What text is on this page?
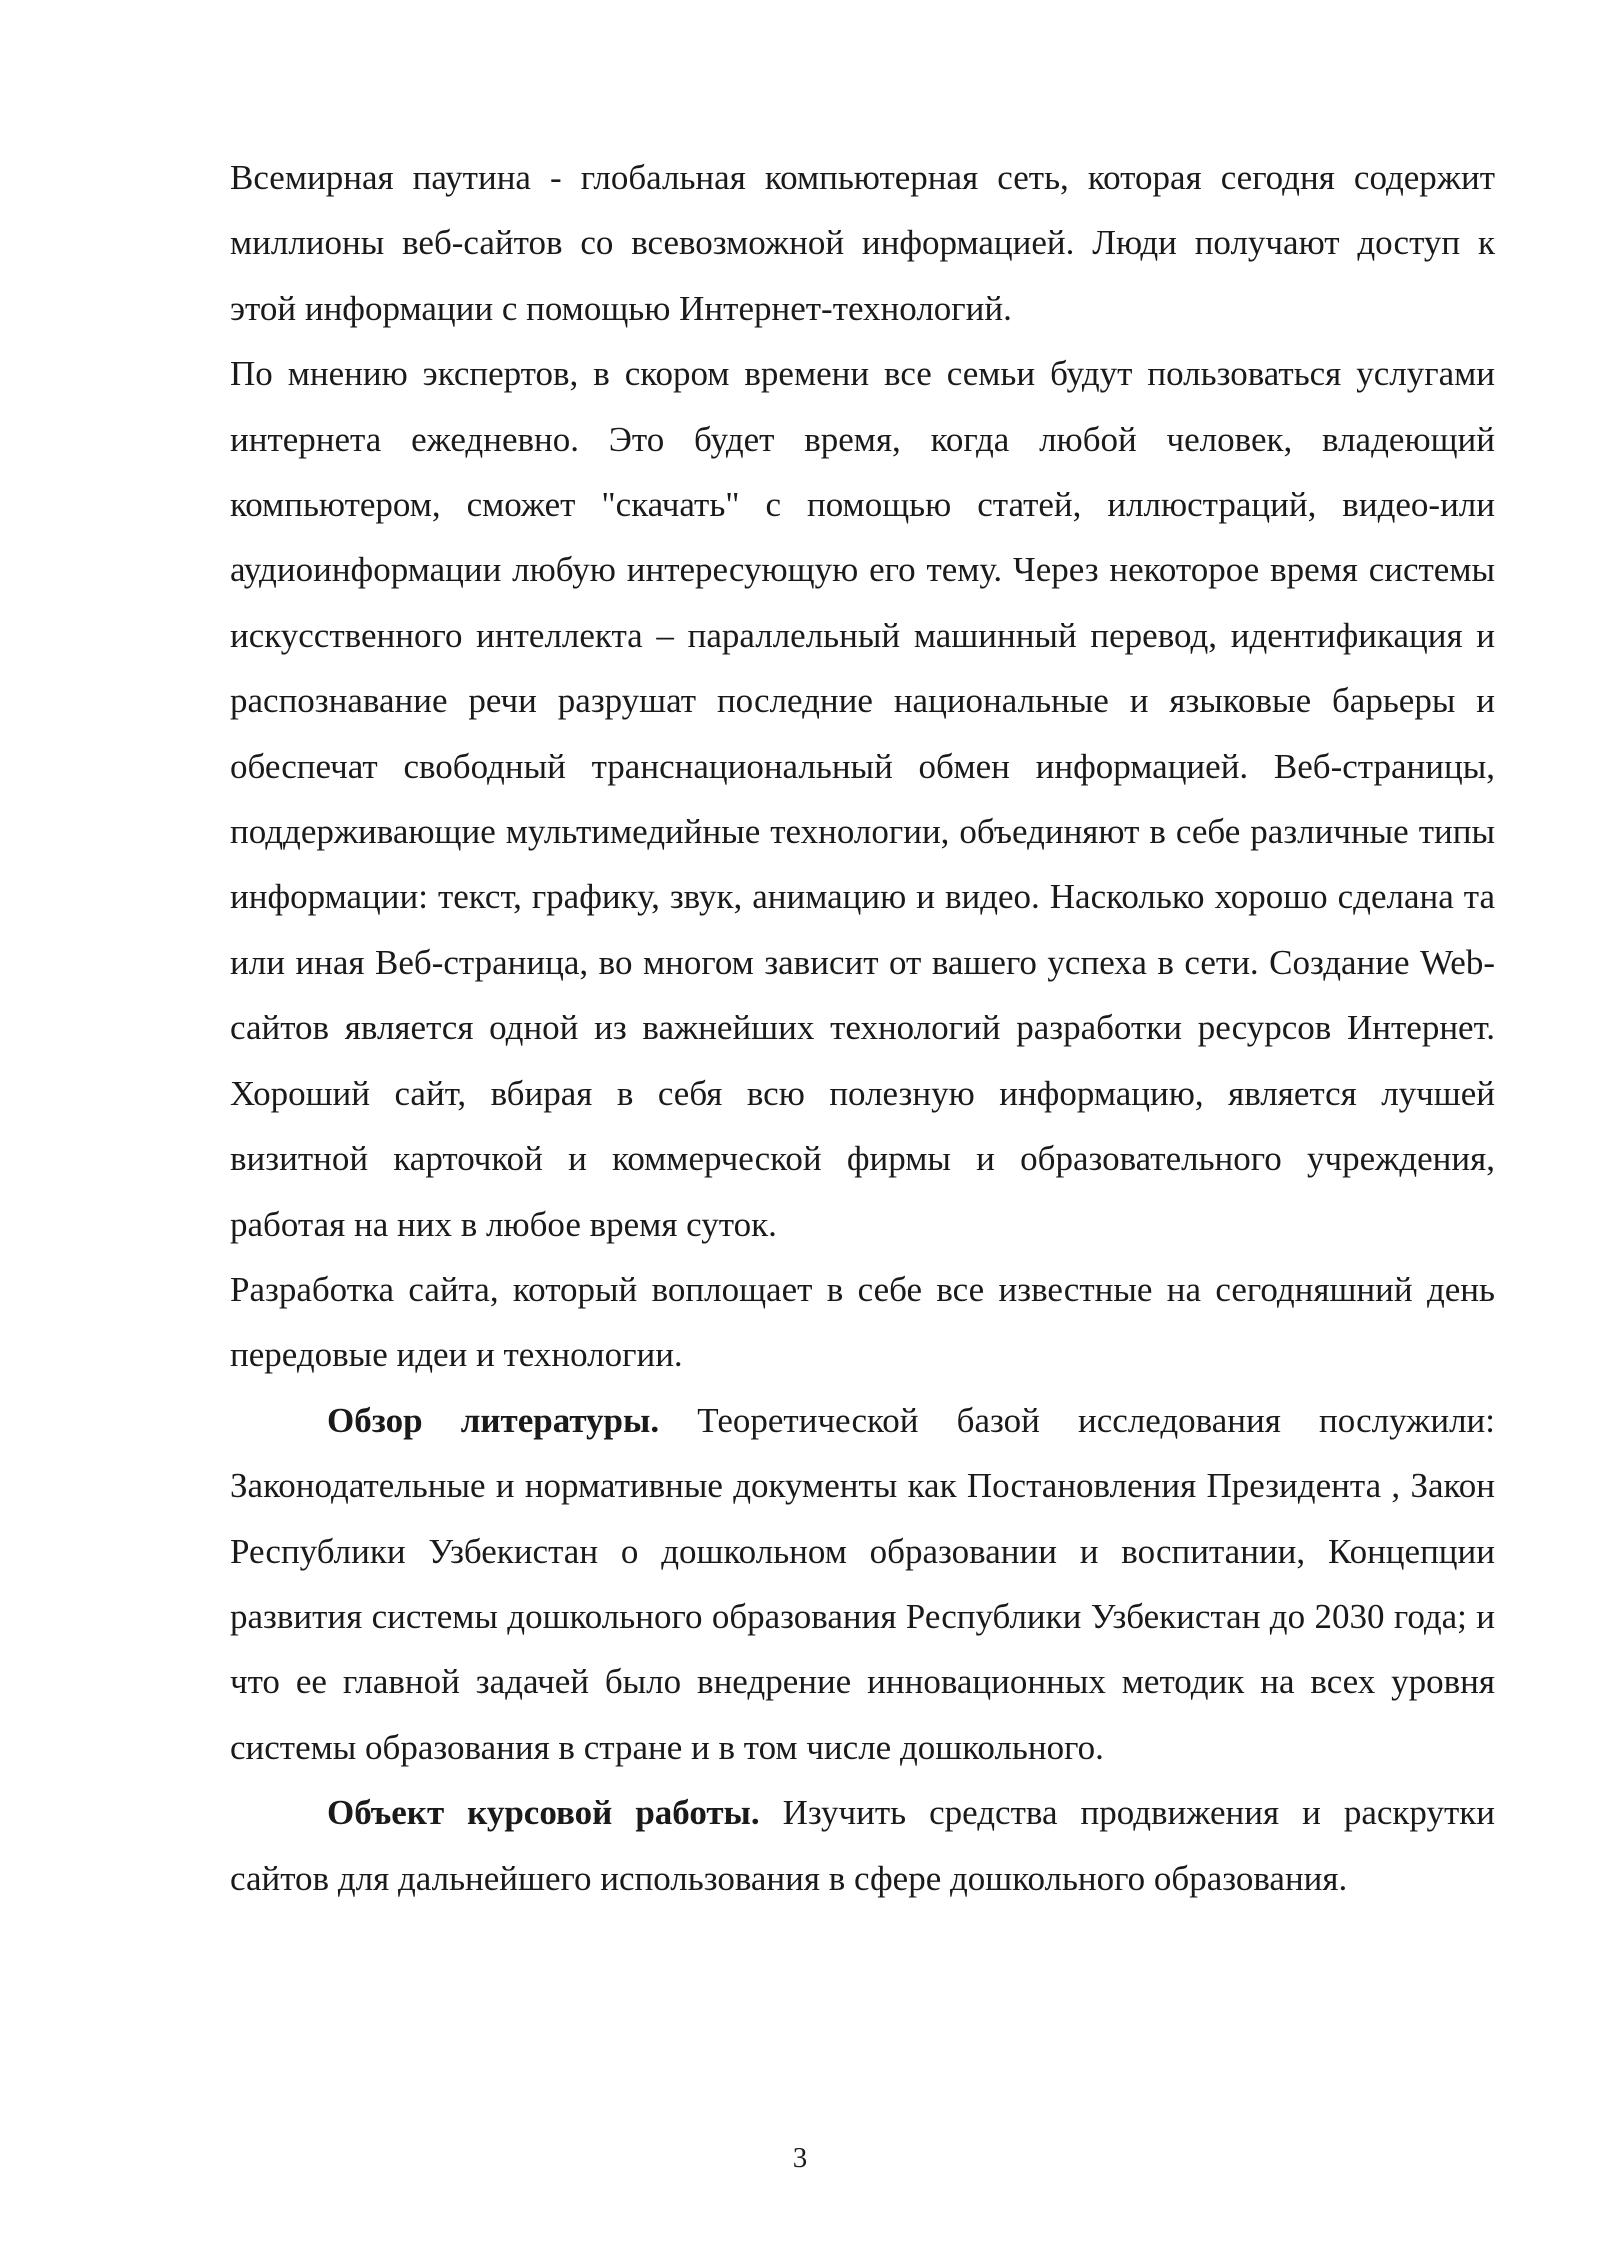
Всемирная паутина - глобальная компьютерная сеть, которая сегодня содержит миллионы веб-сайтов со всевозможной информацией. Люди получают доступ к этой информации с помощью Интернет-технологий.

По мнению экспертов, в скором времени все семьи будут пользоваться услугами интернета ежедневно. Это будет время, когда любой человек, владеющий компьютером, сможет "скачать" с помощью статей, иллюстраций, видео-или аудиоинформации любую интересующую его тему. Через некоторое время системы искусственного интеллекта – параллельный машинный перевод, идентификация и распознавание речи разрушат последние национальные и языковые барьеры и обеспечат свободный транснациональный обмен информацией. Веб-страницы, поддерживающие мультимедийные технологии, объединяют в себе различные типы информации: текст, графику, звук, анимацию и видео. Насколько хорошо сделана та или иная Веб-страница, во многом зависит от вашего успеха в сети. Создание Web-сайтов является одной из важнейших технологий разработки ресурсов Интернет. Хороший сайт, вбирая в себя всю полезную информацию, является лучшей визитной карточкой и коммерческой фирмы и образовательного учреждения, работая на них в любое время суток.

Разработка сайта, который воплощает в себе все известные на сегодняшний день передовые идеи и технологии.

Обзор литературы. Теоретической базой исследования послужили: Законодательные и нормативные документы как Постановления Президента , Закон Республики Узбекистан о дошкольном образовании и воспитании, Концепции развития системы дошкольного образования Республики Узбекистан до 2030 года; и что ее главной задачей было внедрение инновационных методик на всех уровня системы образования в стране и в том числе дошкольного.

Объект курсовой работы. Изучить средства продвижения и раскрутки сайтов для дальнейшего использования в сфере дошкольного образования.

3
